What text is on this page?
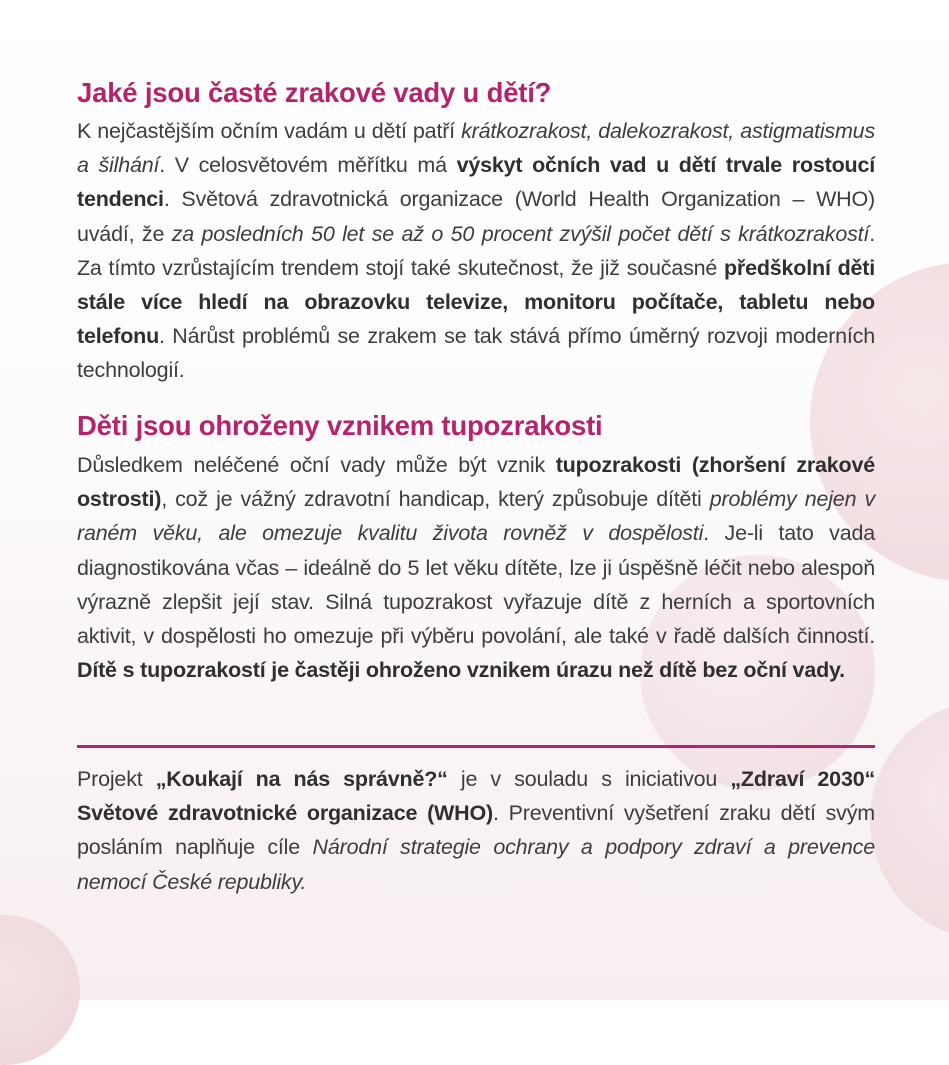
Jaké jsou časté zrakové vady u dětí?

K nejčastějším očním vadám u dětí patří krátkozrakost, dalekozrakost, astigmatismus a šilhání. V celosvětovém měřítku má výskyt očních vad u dětí trvale rostoucí tendenci. Světová zdravotnická organizace (World Health Organization – WHO) uvádí, že za posledních 50 let se až o 50 procent zvýšil počet dětí s krátkozrakostí. Za tímto vzrůstajícím trendem stojí také skutečnost, že již současné předškolní děti stále více hledí na obrazovku televize, monitoru počítače, tabletu nebo telefonu. Nárůst problémů se zrakem se tak stává přímo úměrný rozvoji moderních technologií.

Děti jsou ohroženy vznikem tupozrakosti

Důsledkem neléčené oční vady může být vznik tupozrakosti (zhoršení zrakové ostrosti), což je vážný zdravotní handicap, který způsobuje dítěti problémy nejen v raném věku, ale omezuje kvalitu života rovněž v dospělosti. Je-li tato vada diagnostikována včas – ideálně do 5 let věku dítěte, lze ji úspěšně léčit nebo alespoň výrazně zlepšit její stav. Silná tupozrakost vyřazuje dítě z herních a sportovních aktivit, v dospělosti ho omezuje při výběru povolání, ale také v řadě dalších činností. Dítě s tupozrakostí je častěji ohroženo vznikem úrazu než dítě bez oční vady.

Projekt „Koukají na nás správně?“ je v souladu s iniciativou „Zdraví 2030“ Světové zdravotnické organizace (WHO). Preventivní vyšetření zraku dětí svým posláním naplňuje cíle Národní strategie ochrany a podpory zdraví a prevence nemocí České republiky.
